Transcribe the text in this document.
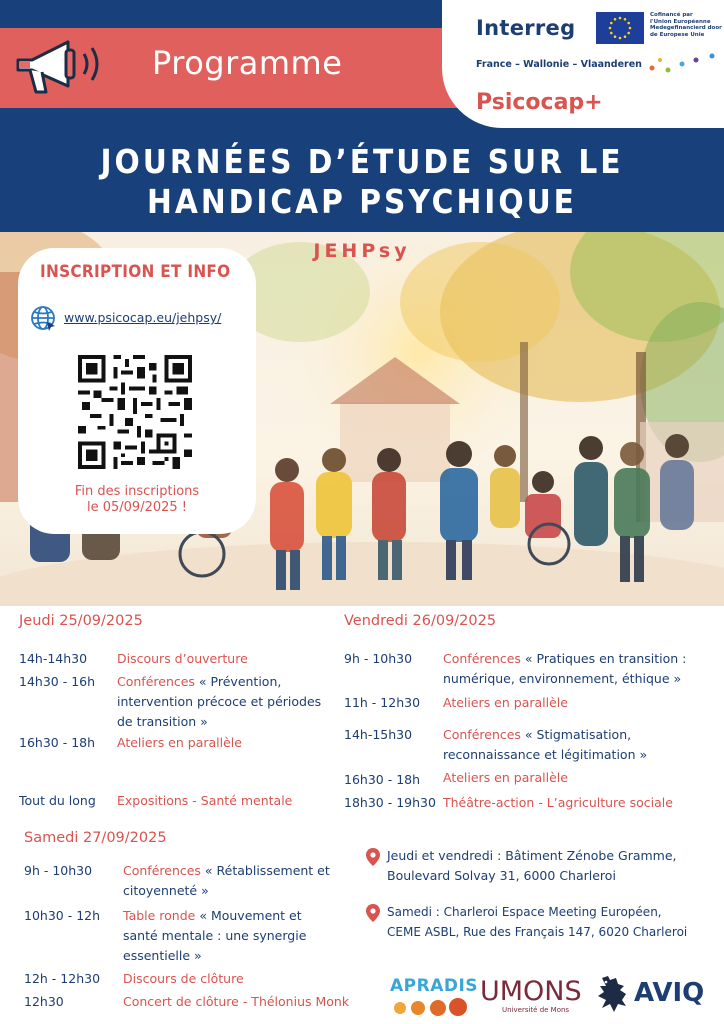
Programme
Interreg
Cofinancé par
l'Union Européenne
Medegefinancierd door
de Europese Unie
France – Wallonie – Vlaanderen
Psicocap+
JOURNÉES D’ÉTUDE SUR LE
HANDICAP PSYCHIQUE
JEHPsy
INSCRIPTION ET INFO
www.psicocap.eu/jehpsy/
Fin des inscriptions
le 05/09/2025 !
Jeudi 25/09/2025
14h-14h30 Discours d’ouverture
14h30 - 16h Conférences « Prévention, intervention précoce et périodes de transition »
16h30 - 18h Ateliers en parallèle
Tout du long Expositions - Santé mentale
Vendredi 26/09/2025
9h - 10h30 Conférences « Pratiques en transition : numérique, environnement, éthique »
11h - 12h30 Ateliers en parallèle
14h-15h30 Conférences « Stigmatisation, reconnaissance et légitimation »
16h30 - 18h Ateliers en parallèle
18h30 - 19h30 Théâtre-action - L’agriculture sociale
Samedi 27/09/2025
9h - 10h30 Conférences « Rétablissement et citoyenneté »
10h30 - 12h Table ronde « Mouvement et santé mentale : une synergie essentielle »
12h - 12h30 Discours de clôture
12h30	Concert de clôture - Thélonius Monk
Jeudi et vendredi : Bâtiment Zénobe Gramme,
Boulevard Solvay 31, 6000 Charleroi
Samedi : Charleroi Espace Meeting Européen,
CEME ASBL, Rue des Français 147, 6020 Charleroi
APRADIS UMONS
Université de Mons
AVIQ
